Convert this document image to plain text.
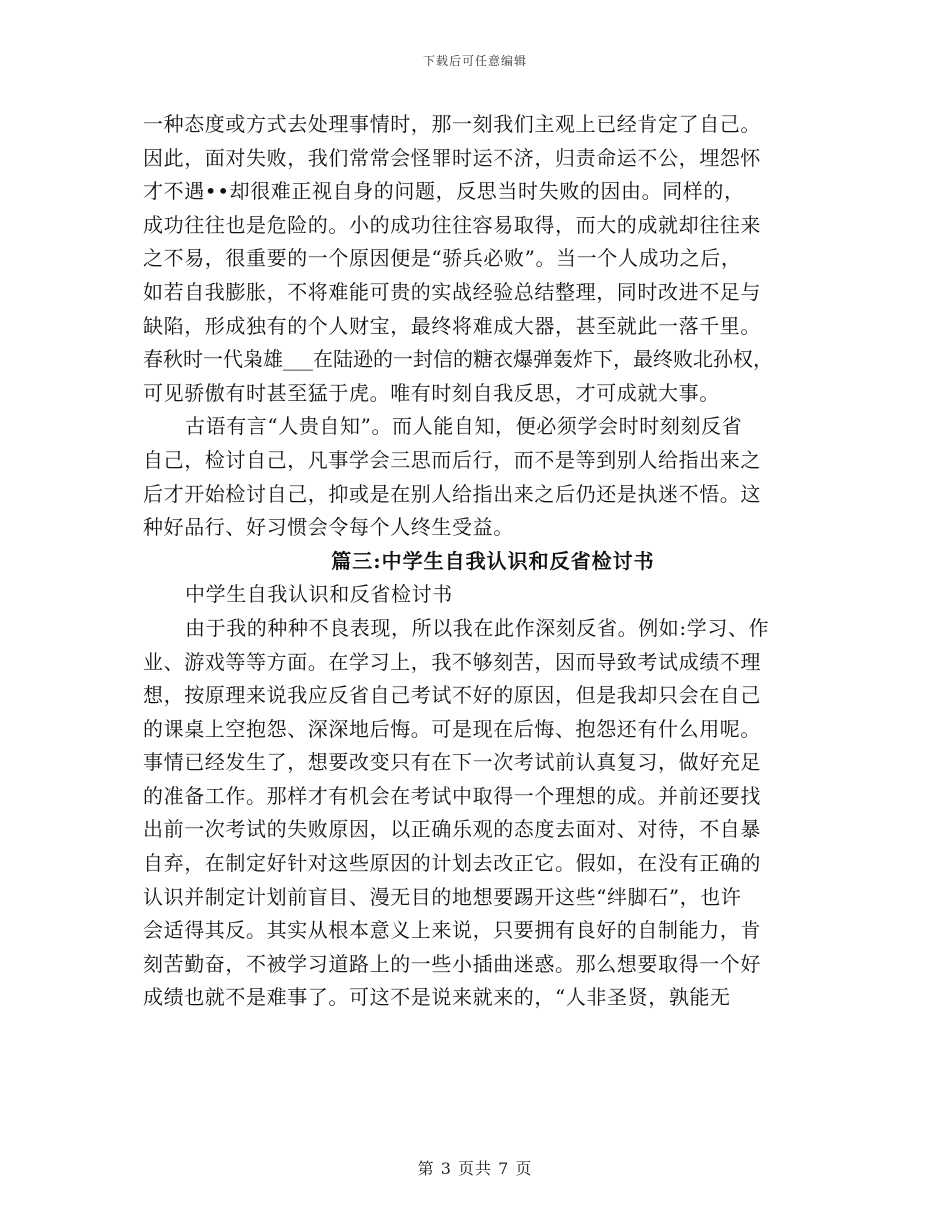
下载后可任意编辑
一种态度或方式去处理事情时，那一刻我们主观上已经肯定了自己。
因此，面对失败，我们常常会怪罪时运不济，归责命运不公，埋怨怀
才不遇••却很难正视自身的问题，反思当时失败的因由。同样的，
成功往往也是危险的。小的成功往往容易取得，而大的成就却往往来
之不易，很重要的一个原因便是“骄兵必败”。当一个人成功之后，
如若自我膨胀，不将难能可贵的实战经验总结整理，同时改进不足与
缺陷，形成独有的个人财宝，最终将难成大器，甚至就此一落千里。
春秋时一代枭雄___在陆逊的一封信的糖衣爆弹轰炸下，最终败北孙权，
可见骄傲有时甚至猛于虎。唯有时刻自我反思，才可成就大事。
古语有言“人贵自知”。而人能自知，便必须学会时时刻刻反省
自己，检讨自己，凡事学会三思而后行，而不是等到别人给指出来之
后才开始检讨自己，抑或是在别人给指出来之后仍还是执迷不悟。这
种好品行、好习惯会令每个人终生受益。
篇三:中学生自我认识和反省检讨书
中学生自我认识和反省检讨书
由于我的种种不良表现，所以我在此作深刻反省。例如:学习、作
业、游戏等等方面。在学习上，我不够刻苦，因而导致考试成绩不理
想，按原理来说我应反省自己考试不好的原因，但是我却只会在自己
的课桌上空抱怨、深深地后悔。可是现在后悔、抱怨还有什么用呢。
事情已经发生了，想要改变只有在下一次考试前认真复习，做好充足
的准备工作。那样才有机会在考试中取得一个理想的成。并前还要找
出前一次考试的失败原因，以正确乐观的态度去面对、对待，不自暴
自弃，在制定好针对这些原因的计划去改正它。假如，在没有正确的
认识并制定计划前盲目、漫无目的地想要踢开这些“绊脚石”，也许
会适得其反。其实从根本意义上来说，只要拥有良好的自制能力，肯
刻苦勤奋，不被学习道路上的一些小插曲迷惑。那么想要取得一个好
成绩也就不是难事了。可这不是说来就来的，“人非圣贤，孰能无
第 3 页共 7 页
